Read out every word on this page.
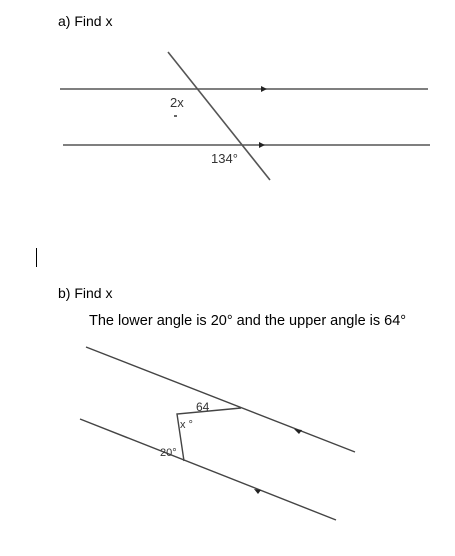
a) Find x
b) Find x
The lower angle is 20° and the upper angle is 64°
2x
134°
64
x °
20°
